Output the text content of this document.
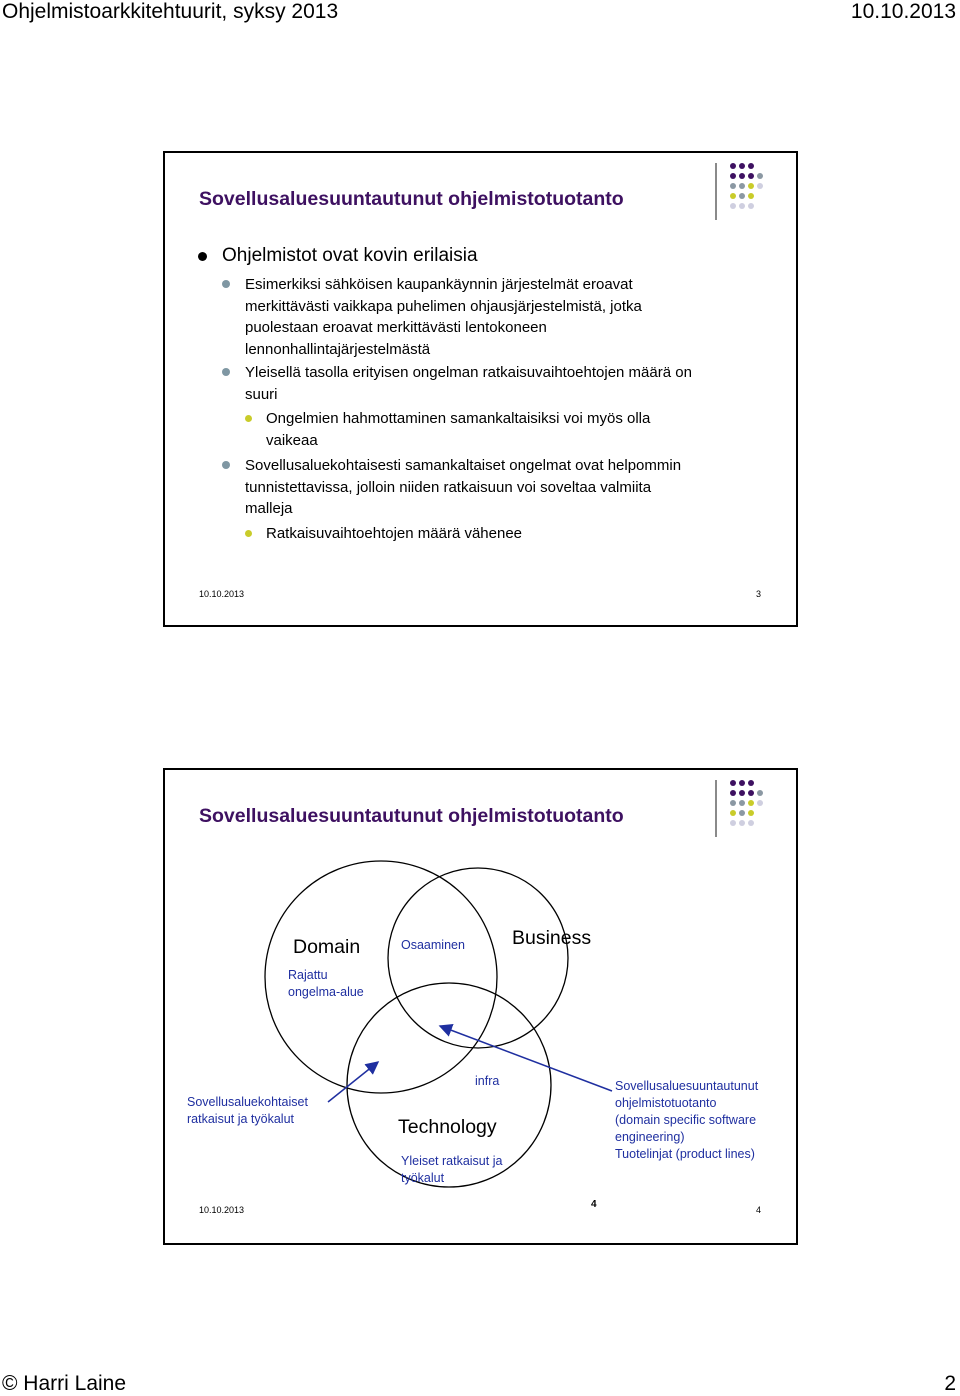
Ohjelmistoarkkitehtuurit, syksy 2013	10.10.2013
Sovellusaluesuuntautunut ohjelmistotuotanto
Ohjelmistot ovat kovin erilaisia
Esimerkiksi sähköisen kaupankäynnin järjestelmät eroavat
merkittävästi vaikkapa puhelimen ohjausjärjestelmistä, jotka
puolestaan eroavat merkittävästi lentokoneen
lennonhallintajärjestelmästä
Yleisellä tasolla erityisen ongelman ratkaisuvaihtoehtojen määrä on
suuri
Ongelmien hahmottaminen samankaltaisiksi voi myös olla
vaikeaa
Sovellusaluekohtaisesti samankaltaiset ongelmat ovat helpommin
tunnistettavissa, jolloin niiden ratkaisuun voi soveltaa valmiita
malleja
Ratkaisuvaihtoehtojen määrä vähenee
10.10.2013	3
Sovellusaluesuuntautunut ohjelmistotuotanto
Domain
Rajattu
ongelma-alue
Osaaminen Business
Sovellusaluekohtaiset
ratkaisut ja työkalut
infra
Technology
Yleiset ratkaisut ja
työkalut
Sovellusaluesuuntautunut
ohjelmistotuotanto
(domain specific software
engineering)
Tuotelinjat (product lines)
4
10.10.2013	4
© Harri Laine	2
